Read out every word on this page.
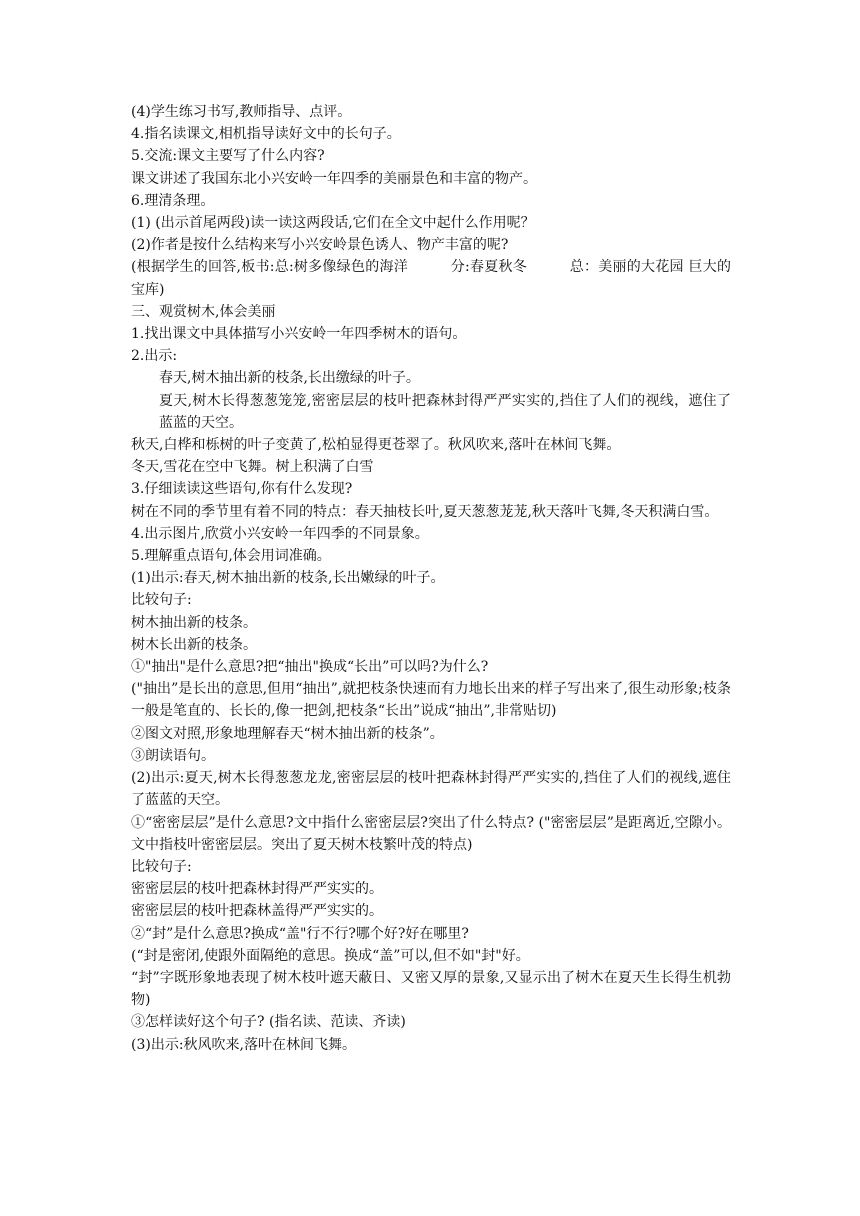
(4)学生练习书写,教师指导、点评。
4.指名读课文,相机指导读好文中的长句子。
5.交流:课文主要写了什么内容?
课文讲述了我国东北小兴安岭一年四季的美丽景色和丰富的物产。
6.理清条理。
(1) (出示首尾两段)读一读这两段话,它们在全文中起什么作用呢？
(2)作者是按什么结构来写小兴安岭景色诱人、物产丰富的呢?
(根据学生的回答,板书:总:树多像绿色的海洋　　　分:春夏秋冬　　　总：美丽的大花园 巨大的宝库)
三、观赏树木,体会美丽
1.找出课文中具体描写小兴安岭一年四季树木的语句。
2.出示:
春天,树木抽出新的枝条,长出缴绿的叶子。
夏天,树木长得葱葱笼笼,密密层层的枝叶把森林封得严严实实的,挡住了人们的视线，遮住了蓝蓝的天空。
秋天,白桦和栎树的叶子变黄了,松柏显得更苍翠了。秋风吹来,落叶在林间飞舞。
冬天,雪花在空中飞舞。树上积满了白雪
3.仔细读读这些语句,你有什么发现?
树在不同的季节里有着不同的特点：春天抽枝长叶,夏天葱葱茏茏,秋天落叶飞舞,冬天积满白雪。
4.出示图片,欣赏小兴安岭一年四季的不同景象。
5.理解重点语句,体会用词准确。
(1)出示:春天,树木抽出新的枝条,长出嫩绿的叶子。
比较句子:
树木抽出新的枝条。
树木长出新的枝条。
①"抽出"是什么意思?把“抽出"换成“长出”可以吗?为什么?
("抽出”是长出的意思,但用“抽出”,就把枝条快速而有力地长出来的样子写出来了,很生动形象;枝条一般是笔直的、长长的,像一把剑,把枝条“长出”说成“抽出”,非常贴切)
②图文对照,形象地理解春天“树木抽出新的枝条”。
③朗读语句。
(2)出示:夏天,树木长得葱葱龙龙,密密层层的枝叶把森林封得严严实实的,挡住了人们的视线,遮住了蓝蓝的天空。
①“密密层层”是什么意思?文中指什么密密层层?突出了什么特点? ("密密层层”是距离近,空隙小。文中指枝叶密密层层。突出了夏天树木枝繁叶茂的特点)
比较句子:
密密层层的枝叶把森林封得严严实实的。
密密层层的枝叶把森林盖得严严实实的。
②“封”是什么意思?换成“盖"行不行?哪个好?好在哪里?
(“封是密闭,使跟外面隔绝的意思。换成“盖”可以,但不如"封"好。
“封”字既形象地表现了树木枝叶遮天蔽日、又密又厚的景象,又显示出了树木在夏天生长得生机勃物)
③怎样读好这个句子? (指名读、范读、齐读)
(3)出示:秋风吹来,落叶在林间飞舞。
